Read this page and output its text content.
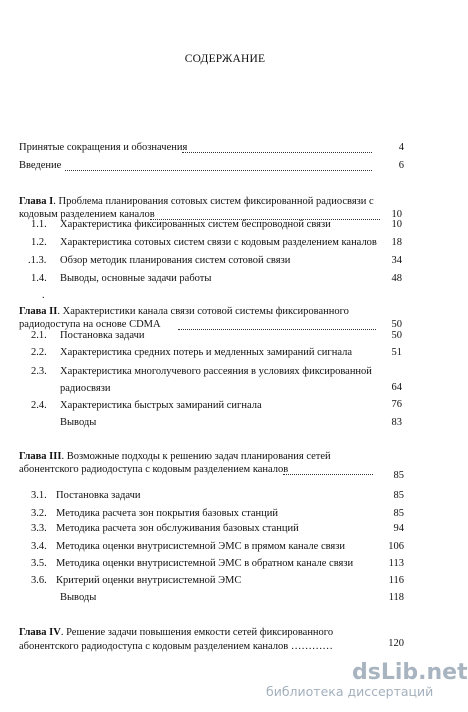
СОДЕРЖАНИЕ
Принятые сокращения и обозначения	4
Введение	6
Глава I. Проблема планирования сотовых систем фиксированной радиосвязи с
кодовым разделением каналов	10
1.1. Характеристика фиксированных систем беспроводной связи	10
1.2. Характеристика сотовых систем связи с кодовым разделением каналов	18
.1.3. Обзор методик планирования систем сотовой связи	34
1.4. Выводы, основные задачи работы	48
.
Глава II. Характеристики канала связи сотовой системы фиксированного
радиодоступа на основе CDMA	50
2.1. Постановка задачи	50
2.2. Характеристика средних потерь и медленных замираний сигнала	51
2.3. Характеристика многолучевого рассеяния в условиях фиксированной
радиосвязи	64
2.4. Характеристика быстрых замираний сигнала	76
Выводы	83
Глава III. Возможные подходы к решению задач планирования сетей
абонентского радиодоступа с кодовым разделением каналов
85
3.1. Постановка задачи	85
3.2. Методика расчета зон покрытия базовых станций	85
3.3. Методика расчета зон обслуживания базовых станций	94
3.4. Методика оценки внутрисистемной ЭМС в прямом канале связи	106
3.5. Методика оценки внутрисистемной ЭМС в обратном канале связи	113
3.6. Критерий оценки внутрисистемной ЭМС	116
Выводы	118
Глава IV. Решение задачи повышения емкости сетей фиксированного
абонентского радиодоступа с кодовым разделением каналов …………	120
dsLib.net
библиотека диссертаций
